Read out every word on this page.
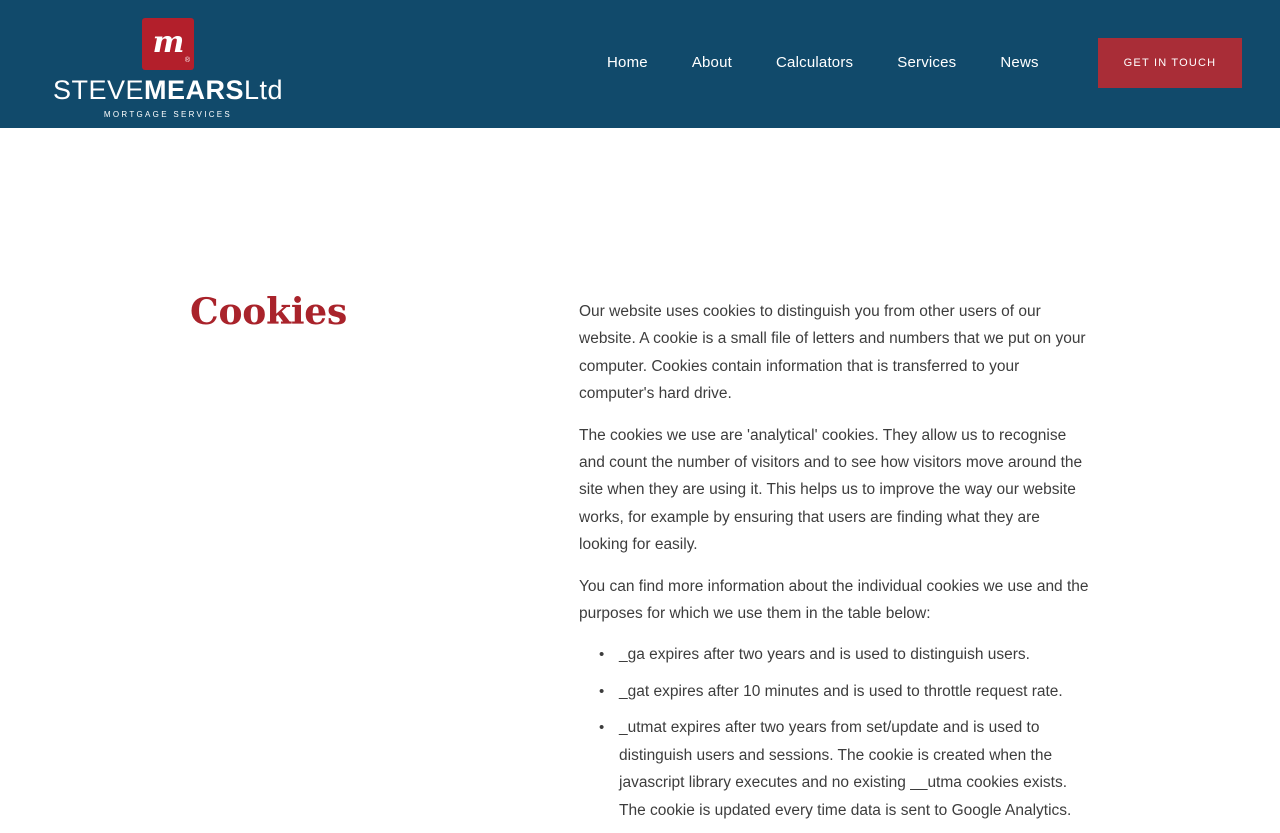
m
®
STEVEMEARSLtd
MORTGAGE SERVICES
Home	About	Calculators	Services	News	GET IN TOUCH
Cookies	Our website uses cookies to distinguish you from other users of our website. A cookie is a small file of letters and numbers that we put on your computer. Cookies contain information that is transferred to your computer's hard drive.

The cookies we use are 'analytical' cookies. They allow us to recognise and count the number of visitors and to see how visitors move around the site when they are using it. This helps us to improve the way our website works, for example by ensuring that users are finding what they are looking for easily.

You can find more information about the individual cookies we use and the purposes for which we use them in the table below:

• _ga expires after two years and is used to distinguish users.
• _gat expires after 10 minutes and is used to throttle request rate.
• _utmat expires after two years from set/update and is used to distinguish users and sessions. The cookie is created when the javascript library executes and no existing __utma cookies exists. The cookie is updated every time data is sent to Google Analytics.
